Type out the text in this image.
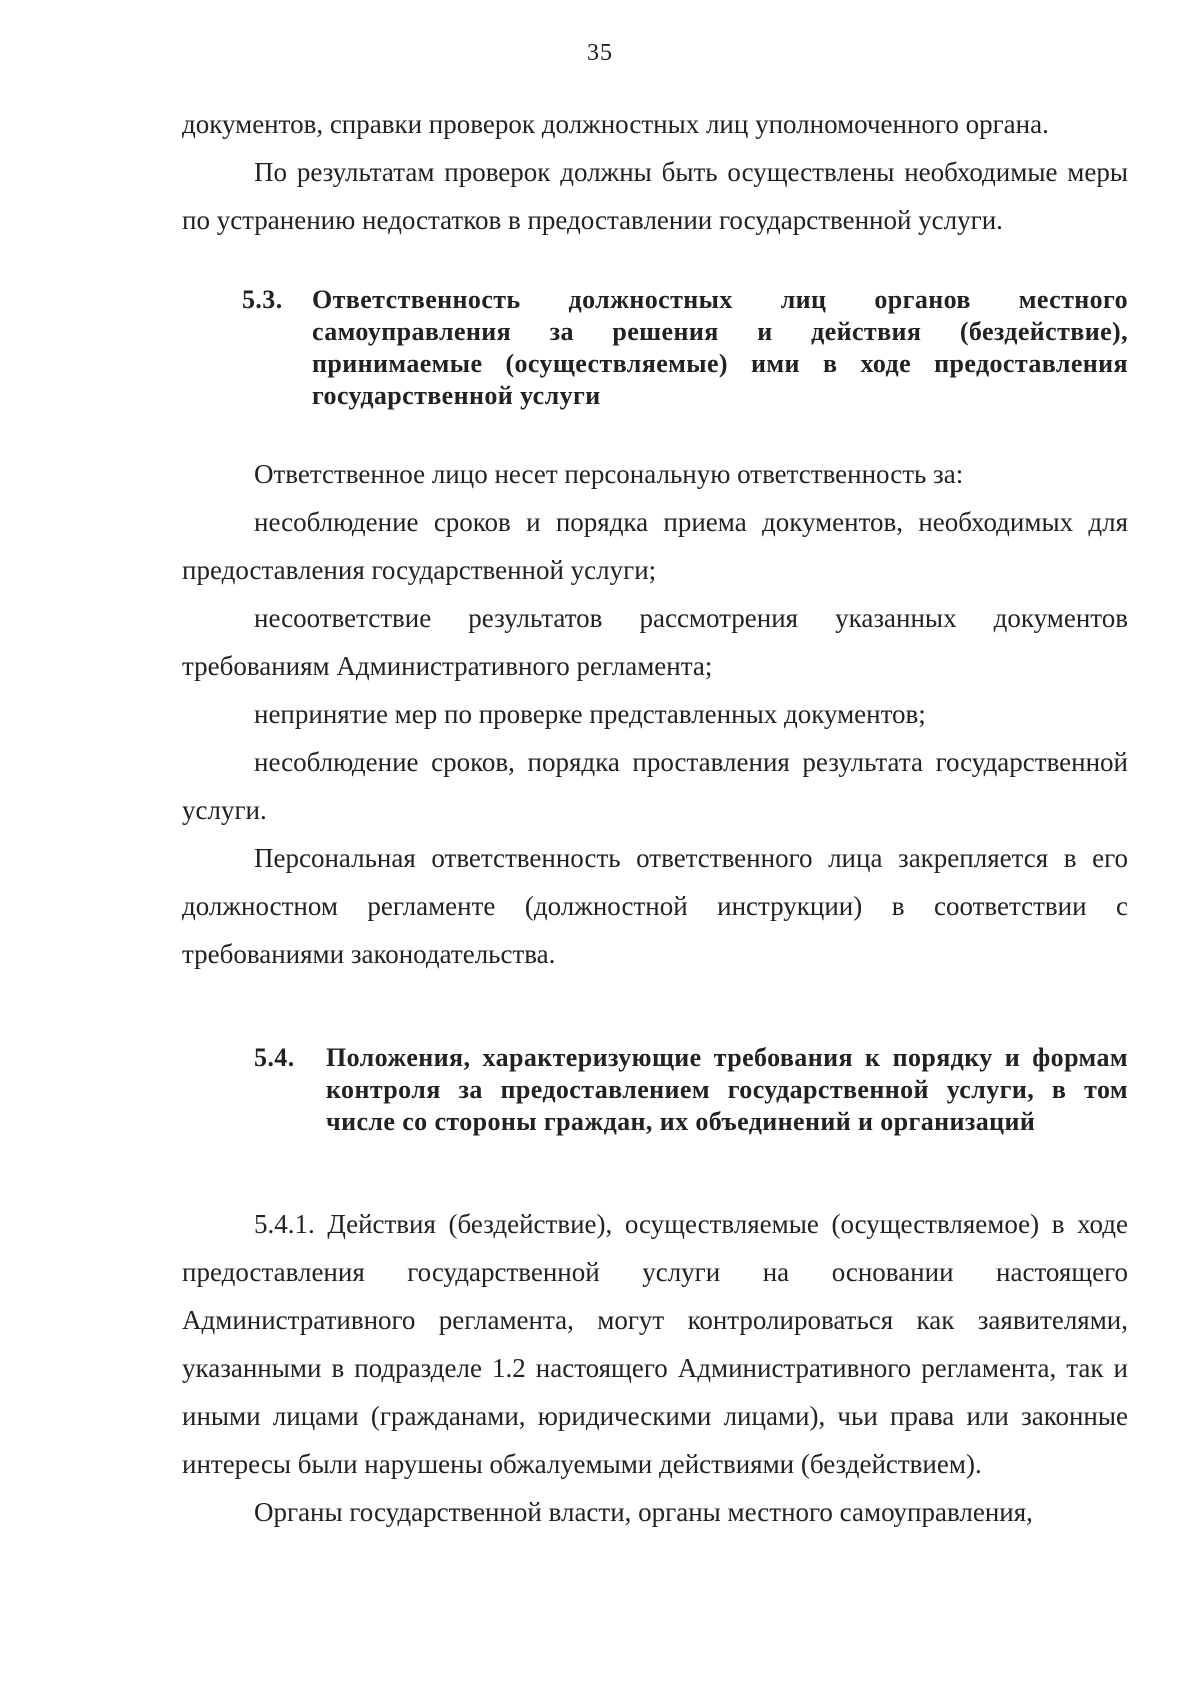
35

документов, справки проверок должностных лиц уполномоченного органа.

По результатам проверок должны быть осуществлены необходимые меры по устранению недостатков в предоставлении государственной услуги.

5.3. Ответственность должностных лиц органов местного самоуправления за решения и действия (бездействие), принимаемые (осуществляемые) ими в ходе предоставления государственной услуги

Ответственное лицо несет персональную ответственность за:

несоблюдение сроков и порядка приема документов, необходимых для предоставления государственной услуги;

несоответствие результатов рассмотрения указанных документов требованиям Административного регламента;

непринятие мер по проверке представленных документов;

несоблюдение сроков, порядка проставления результата государственной услуги.

Персональная ответственность ответственного лица закрепляется в его должностном регламенте (должностной инструкции) в соответствии с требованиями законодательства.

5.4. Положения, характеризующие требования к порядку и формам контроля за предоставлением государственной услуги, в том числе со стороны граждан, их объединений и организаций

5.4.1. Действия (бездействие), осуществляемые (осуществляемое) в ходе предоставления государственной услуги на основании настоящего Административного регламента, могут контролироваться как заявителями, указанными в подразделе 1.2 настоящего Административного регламента, так и иными лицами (гражданами, юридическими лицами), чьи права или законные интересы были нарушены обжалуемыми действиями (бездействием).

Органы государственной власти, органы местного самоуправления,
